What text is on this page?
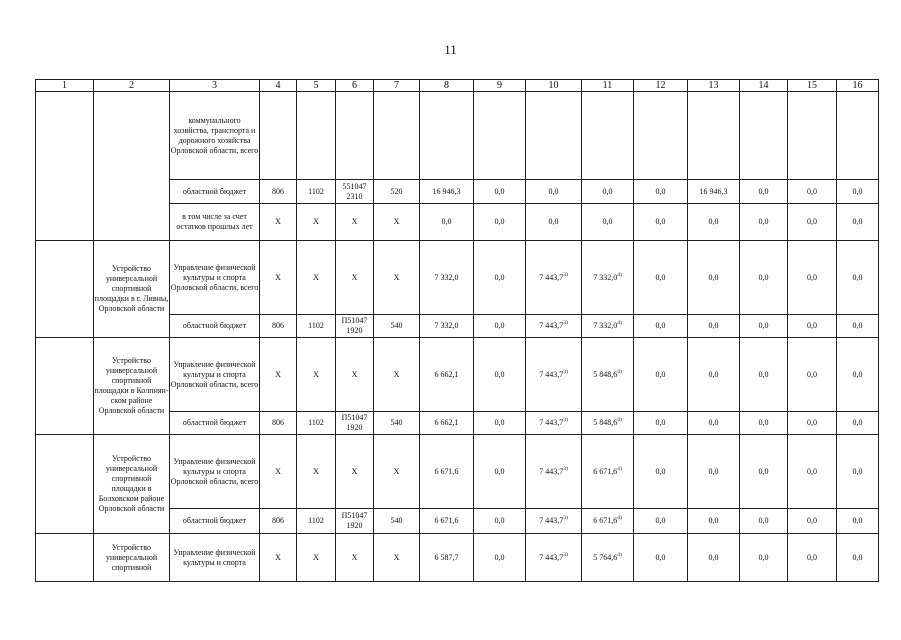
11
1	2	3	4	5	6	7	8	9	10	11	12	13	14	15	16
		коммунального хозяйства, транспорта и дорожного хозяйства Орловской области, всего													
		областной бюджет	806	1102	551047 2310	520	16 946,3	0,0	0,0	0,0	0,0	16 946,3	0,0	0,0	0,0
		в том числе за счет остатков прошлых лет	Х	Х	Х	Х	0,0	0,0	0,0	0,0	0,0	0,0	0,0	0,0	0,0
	Устройство универсальной спортивной площадки в г. Ливны, Орловской области	Управление физической культуры и спорта Орловской области, всего	Х	Х	Х	Х	7 332,0	0,0	7 443,7$^{3)}$	7 332,0$^{4)}$	0,0	0,0	0,0	0,0	0,0
		областной бюджет	806	1102	П51047 1920	540	7 332,0	0,0	7 443,7$^{3)}$	7 332,0$^{4)}$	0,0	0,0	0,0	0,0	0,0
	Устройство универсальной спортивной площадки в Колпнян-ском районе Орловской области	Управление физической культуры и спорта Орловской области, всего	Х	Х	Х	Х	6 662,1	0,0	7 443,7$^{3)}$	5 848,6$^{4)}$	0,0	0,0	0,0	0,0	0,0
		областной бюджет	806	1102	П51047 1920	540	6 662,1	0,0	7 443,7$^{3)}$	5 848,6$^{4)}$	0,0	0,0	0,0	0,0	0,0
	Устройство универсальной спортивной площадки в Болховском районе Орловской области	Управление физической культуры и спорта Орловской области, всего	Х	Х	Х	Х	6 671,6	0,0	7 443,7$^{3)}$	6 671,6$^{4)}$	0,0	0,0	0,0	0,0	0,0
		областной бюджет	806	1102	П51047 1920	540	6 671,6	0,0	7 443,7$^{3)}$	6 671,6$^{4)}$	0,0	0,0	0,0	0,0	0,0
	Устройство универсальной спортивной	Управление физической культуры и спорта	Х	Х	Х	Х	6 587,7	0,0	7 443,7$^{3)}$	5 764,6$^{4)}$	0,0	0,0	0,0	0,0	0,0
